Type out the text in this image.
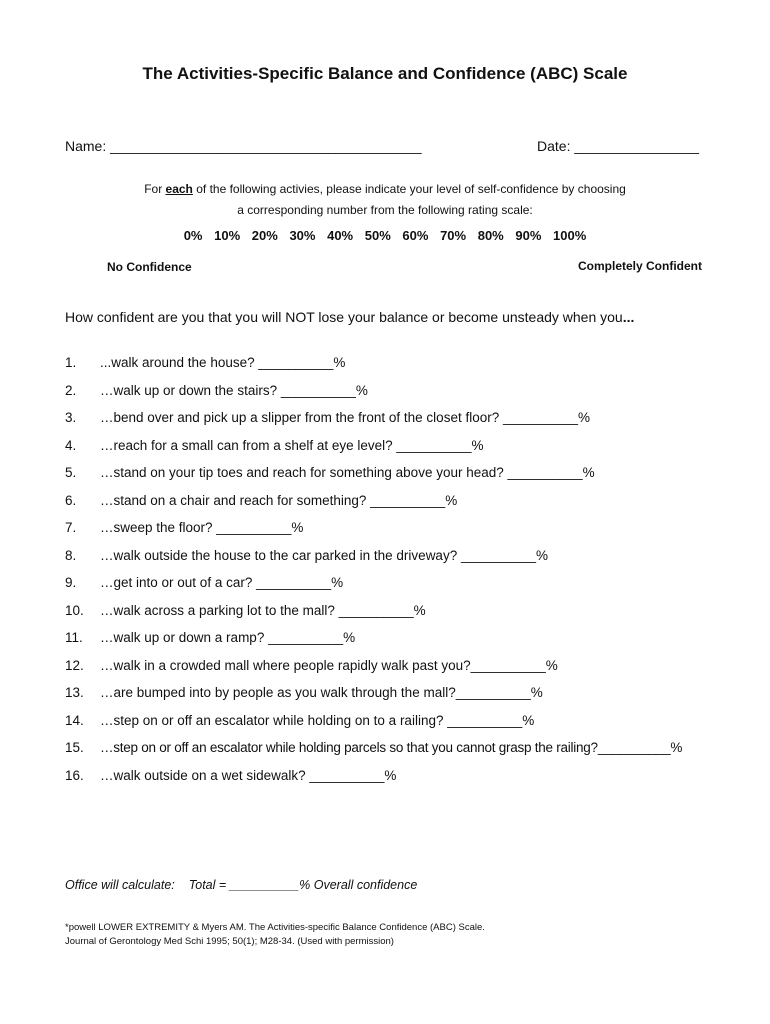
The Activities-Specific Balance and Confidence (ABC) Scale
Name: ________________________________________	Date: ________________
For each of the following activies, please indicate your level of self-confidence by choosing
a corresponding number from the following rating scale:
0% 10% 20% 30% 40% 50% 60% 70% 80% 90% 100%
No Confidence	Completely Confident
How confident are you that you will NOT lose your balance or become unsteady when you...
1.	...walk around the house? __________%
2.	…walk up or down the stairs? __________%
3.	…bend over and pick up a slipper from the front of the closet floor? __________%
4.	…reach for a small can from a shelf at eye level? __________%
5.	…stand on your tip toes and reach for something above your head? __________%
6.	…stand on a chair and reach for something? __________%
7.	…sweep the floor? __________%
8.	…walk outside the house to the car parked in the driveway? __________%
9.	…get into or out of a car? __________%
10.	…walk across a parking lot to the mall? __________%
11.	…walk up or down a ramp? __________%
12.	…walk in a crowded mall where people rapidly walk past you?__________%
13.	…are bumped into by people as you walk through the mall?__________%
14.	…step on or off an escalator while holding on to a railing? __________%
15.	…step on or off an escalator while holding parcels so that you cannot grasp the railing?__________%
16.	…walk outside on a wet sidewalk? __________%
Office will calculate: Total = __________% Overall confidence
*powell LOWER EXTREMITY & Myers AM. The Activities-specific Balance Confidence (ABC) Scale.
Journal of Gerontology Med Schi 1995; 50(1); M28-34. (Used with permission)
